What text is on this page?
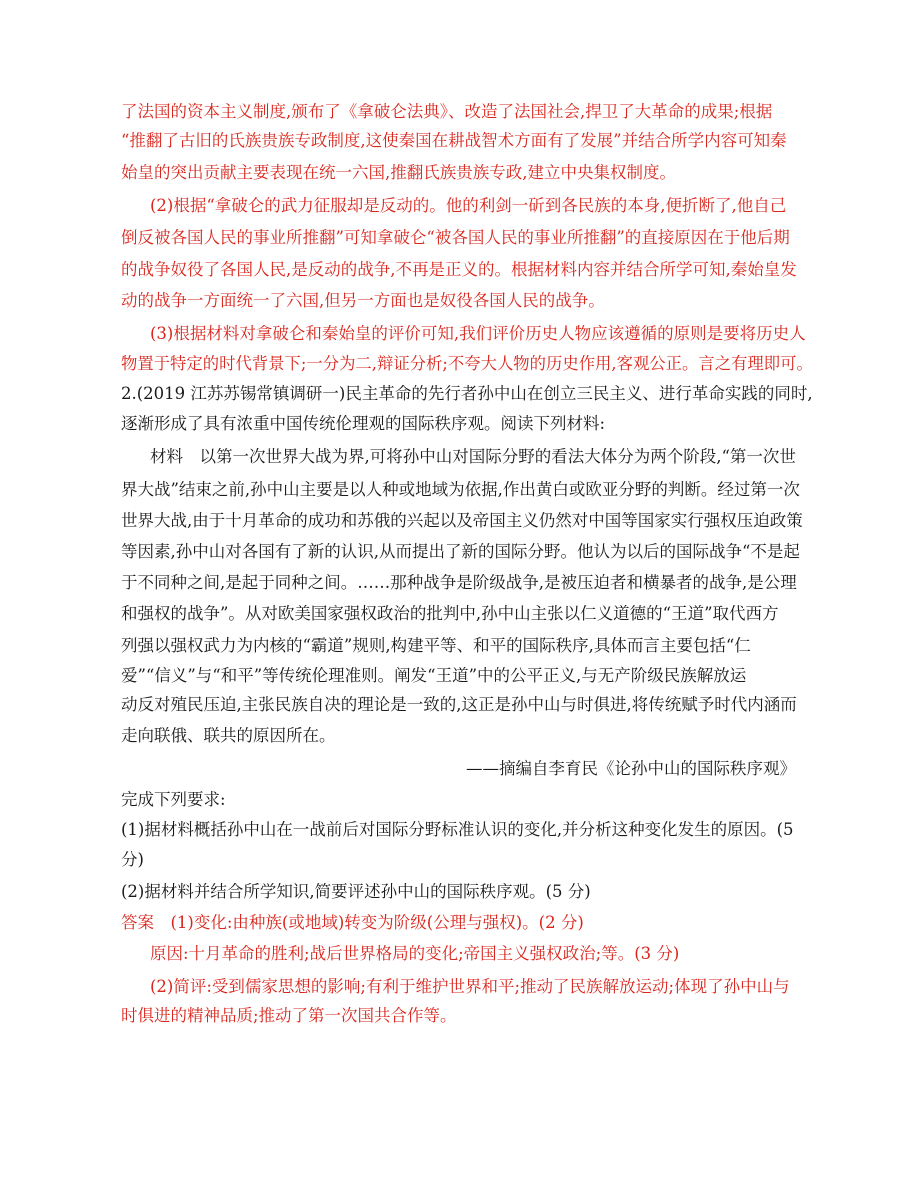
了法国的资本主义制度,颁布了《拿破仑法典》、改造了法国社会,捍卫了大革命的成果;根据
“推翻了古旧的氏族贵族专政制度,这使秦国在耕战智术方面有了发展”并结合所学内容可知秦
始皇的突出贡献主要表现在统一六国,推翻氏族贵族专政,建立中央集权制度。
(2)根据“拿破仑的武力征服却是反动的。他的利剑一斫到各民族的本身,便折断了,他自己
倒反被各国人民的事业所推翻”可知拿破仑“被各国人民的事业所推翻”的直接原因在于他后期
的战争奴役了各国人民,是反动的战争,不再是正义的。根据材料内容并结合所学可知,秦始皇发
动的战争一方面统一了六国,但另一方面也是奴役各国人民的战争。
(3)根据材料对拿破仑和秦始皇的评价可知,我们评价历史人物应该遵循的原则是要将历史人
物置于特定的时代背景下;一分为二,辩证分析;不夸大人物的历史作用,客观公正。言之有理即可。
2.(2019 江苏苏锡常镇调研一)民主革命的先行者孙中山在创立三民主义、进行革命实践的同时,
逐渐形成了具有浓重中国传统伦理观的国际秩序观。阅读下列材料:
材料　以第一次世界大战为界,可将孙中山对国际分野的看法大体分为两个阶段,“第一次世
界大战”结束之前,孙中山主要是以人种或地域为依据,作出黄白或欧亚分野的判断。经过第一次
世界大战,由于十月革命的成功和苏俄的兴起以及帝国主义仍然对中国等国家实行强权压迫政策
等因素,孙中山对各国有了新的认识,从而提出了新的国际分野。他认为以后的国际战争“不是起
于不同种之间,是起于同种之间。……那种战争是阶级战争,是被压迫者和横暴者的战争,是公理
和强权的战争”。从对欧美国家强权政治的批判中,孙中山主张以仁义道德的“王道”取代西方
列强以强权武力为内核的“霸道”规则,构建平等、和平的国际秩序,具体而言主要包括“仁
爱”“信义”与“和平”等传统伦理准则。阐发“王道”中的公平正义,与无产阶级民族解放运
动反对殖民压迫,主张民族自决的理论是一致的,这正是孙中山与时俱进,将传统赋予时代内涵而
走向联俄、联共的原因所在。
——摘编自李育民《论孙中山的国际秩序观》
完成下列要求:
(1)据材料概括孙中山在一战前后对国际分野标准认识的变化,并分析这种变化发生的原因。(5
分)
(2)据材料并结合所学知识,简要评述孙中山的国际秩序观。(5 分)
答案　(1)变化:由种族(或地域)转变为阶级(公理与强权)。(2 分)
原因:十月革命的胜利;战后世界格局的变化;帝国主义强权政治;等。(3 分)
(2)简评:受到儒家思想的影响;有利于维护世界和平;推动了民族解放运动;体现了孙中山与
时俱进的精神品质;推动了第一次国共合作等。
